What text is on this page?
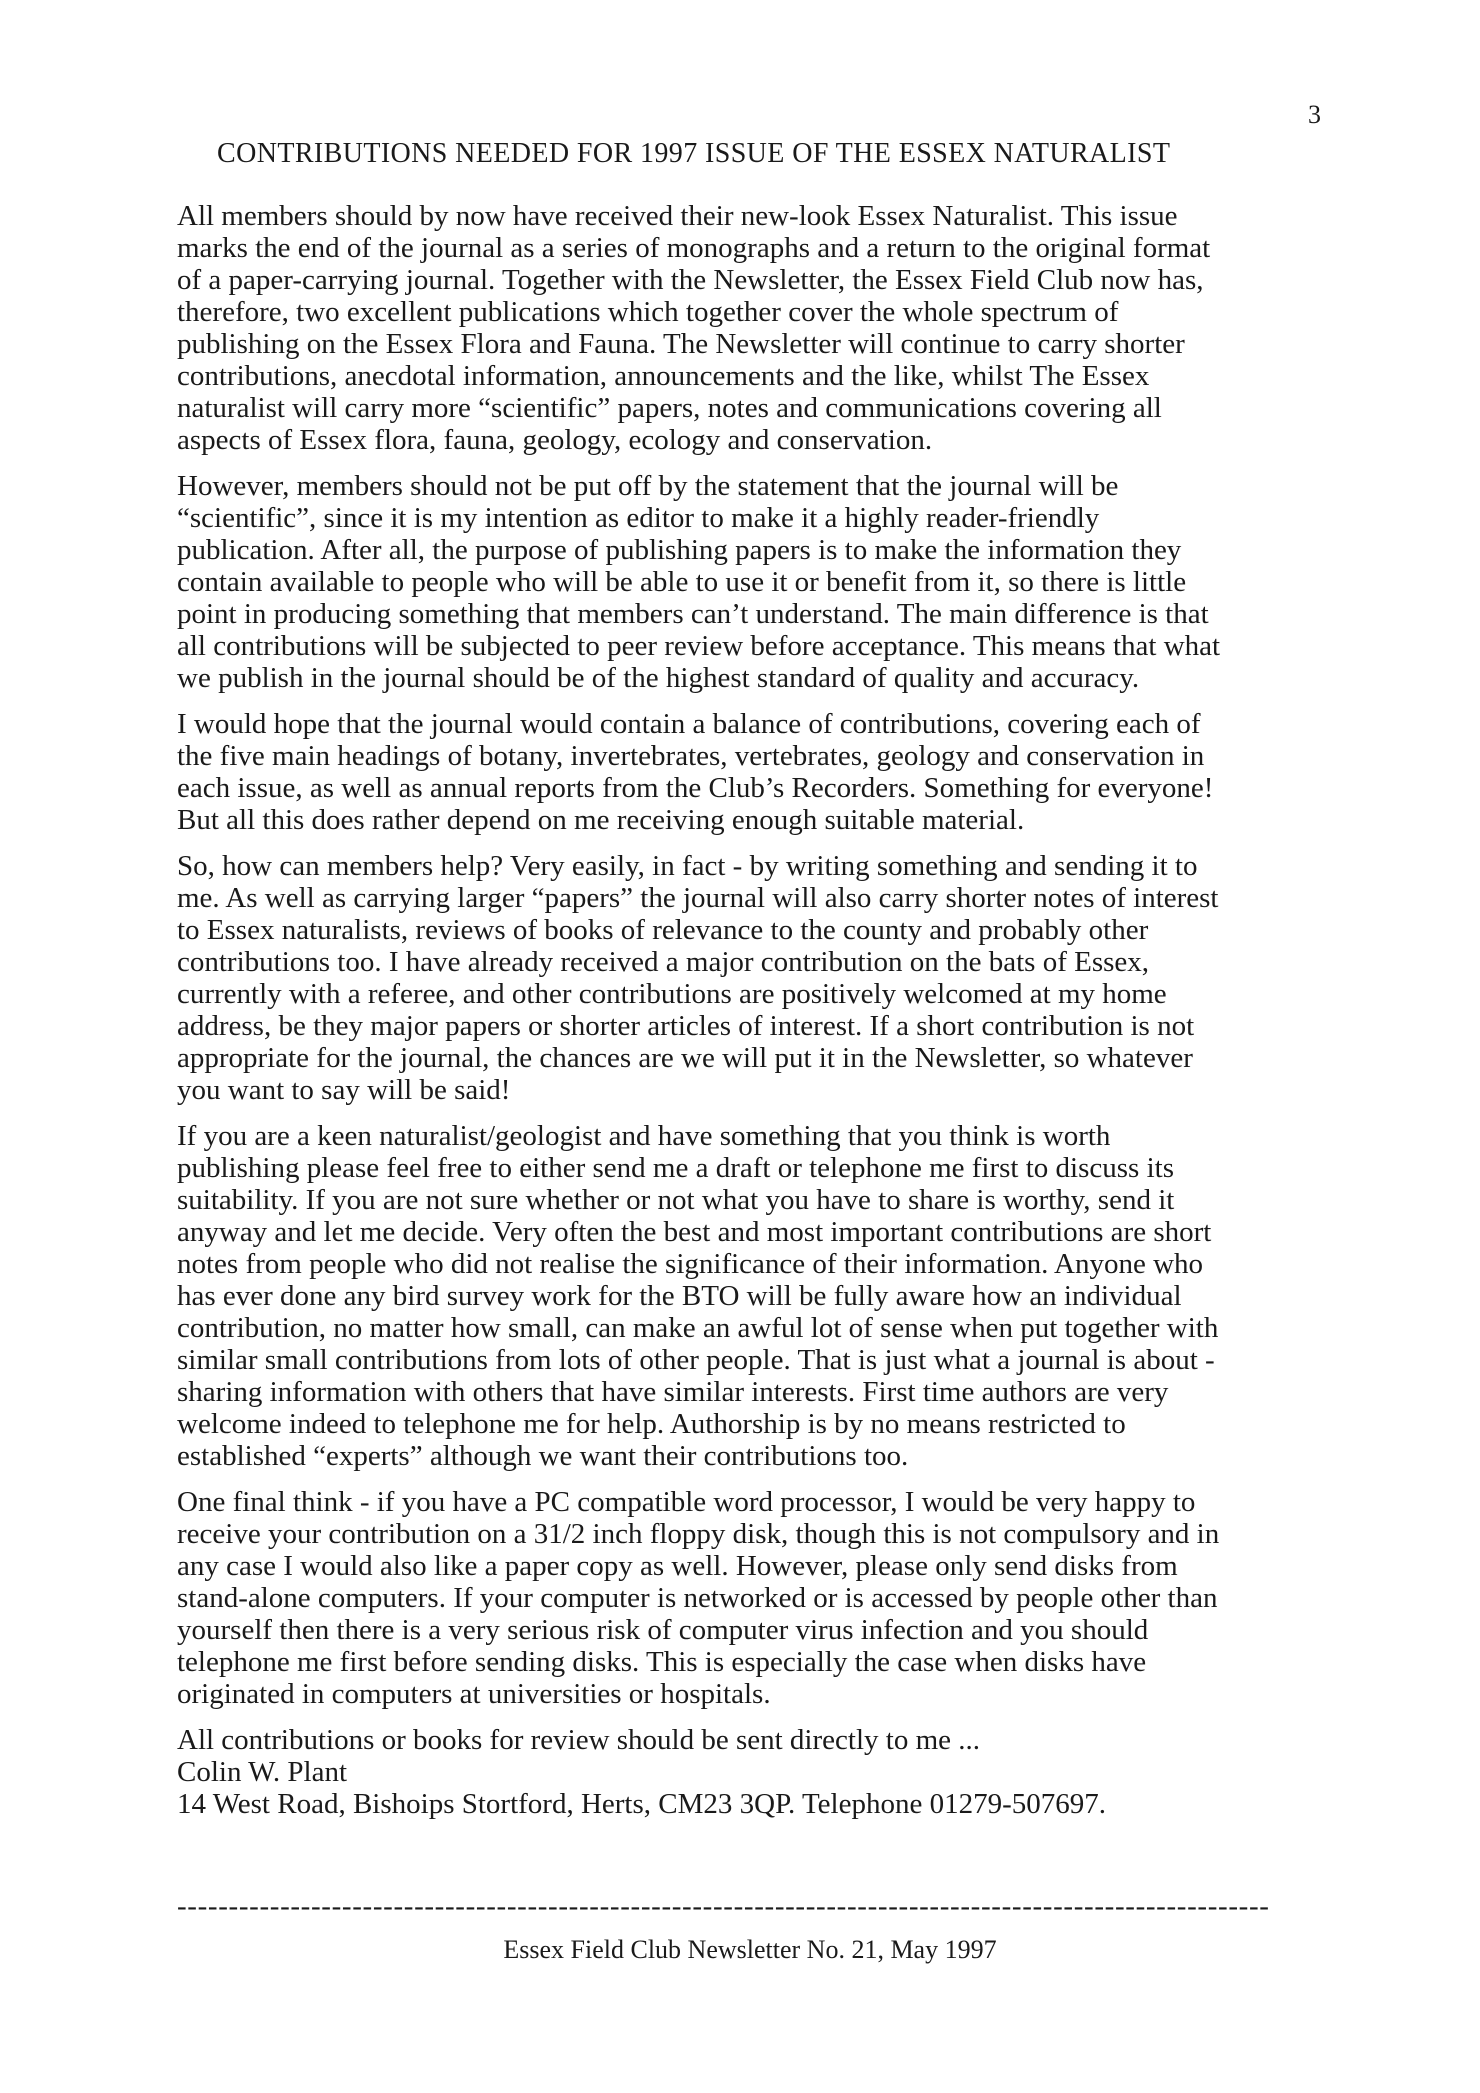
3
CONTRIBUTIONS NEEDED FOR 1997 ISSUE OF THE ESSEX NATURALIST
All members should by now have received their new-look Essex Naturalist. This issue
marks the end of the journal as a series of monographs and a return to the original format
of a paper-carrying journal. Together with the Newsletter, the Essex Field Club now has,
therefore, two excellent publications which together cover the whole spectrum of
publishing on the Essex Flora and Fauna. The Newsletter will continue to carry shorter
contributions, anecdotal information, announcements and the like, whilst The Essex
naturalist will carry more “scientific” papers, notes and communications covering all
aspects of Essex flora, fauna, geology, ecology and conservation.
However, members should not be put off by the statement that the journal will be
“scientific”, since it is my intention as editor to make it a highly reader-friendly
publication. After all, the purpose of publishing papers is to make the information they
contain available to people who will be able to use it or benefit from it, so there is little
point in producing something that members can’t understand. The main difference is that
all contributions will be subjected to peer review before acceptance. This means that what
we publish in the journal should be of the highest standard of quality and accuracy.
I would hope that the journal would contain a balance of contributions, covering each of
the five main headings of botany, invertebrates, vertebrates, geology and conservation in
each issue, as well as annual reports from the Club’s Recorders. Something for everyone!
But all this does rather depend on me receiving enough suitable material.
So, how can members help? Very easily, in fact - by writing something and sending it to
me. As well as carrying larger “papers” the journal will also carry shorter notes of interest
to Essex naturalists, reviews of books of relevance to the county and probably other
contributions too. I have already received a major contribution on the bats of Essex,
currently with a referee, and other contributions are positively welcomed at my home
address, be they major papers or shorter articles of interest. If a short contribution is not
appropriate for the journal, the chances are we will put it in the Newsletter, so whatever
you want to say will be said!
If you are a keen naturalist/geologist and have something that you think is worth
publishing please feel free to either send me a draft or telephone me first to discuss its
suitability. If you are not sure whether or not what you have to share is worthy, send it
anyway and let me decide. Very often the best and most important contributions are short
notes from people who did not realise the significance of their information. Anyone who
has ever done any bird survey work for the BTO will be fully aware how an individual
contribution, no matter how small, can make an awful lot of sense when put together with
similar small contributions from lots of other people. That is just what a journal is about -
sharing information with others that have similar interests. First time authors are very
welcome indeed to telephone me for help. Authorship is by no means restricted to
established “experts” although we want their contributions too.
One final think - if you have a PC compatible word processor, I would be very happy to
receive your contribution on a 31/2 inch floppy disk, though this is not compulsory and in
any case I would also like a paper copy as well. However, please only send disks from
stand-alone computers. If your computer is networked or is accessed by people other than
yourself then there is a very serious risk of computer virus infection and you should
telephone me first before sending disks. This is especially the case when disks have
originated in computers at universities or hospitals.
All contributions or books for review should be sent directly to me ...
Colin W. Plant
14 West Road, Bishoips Stortford, Herts, CM23 3QP. Telephone 01279-507697.
----------------------------------------------------------------------------------------------------------
Essex Field Club Newsletter No. 21, May 1997
